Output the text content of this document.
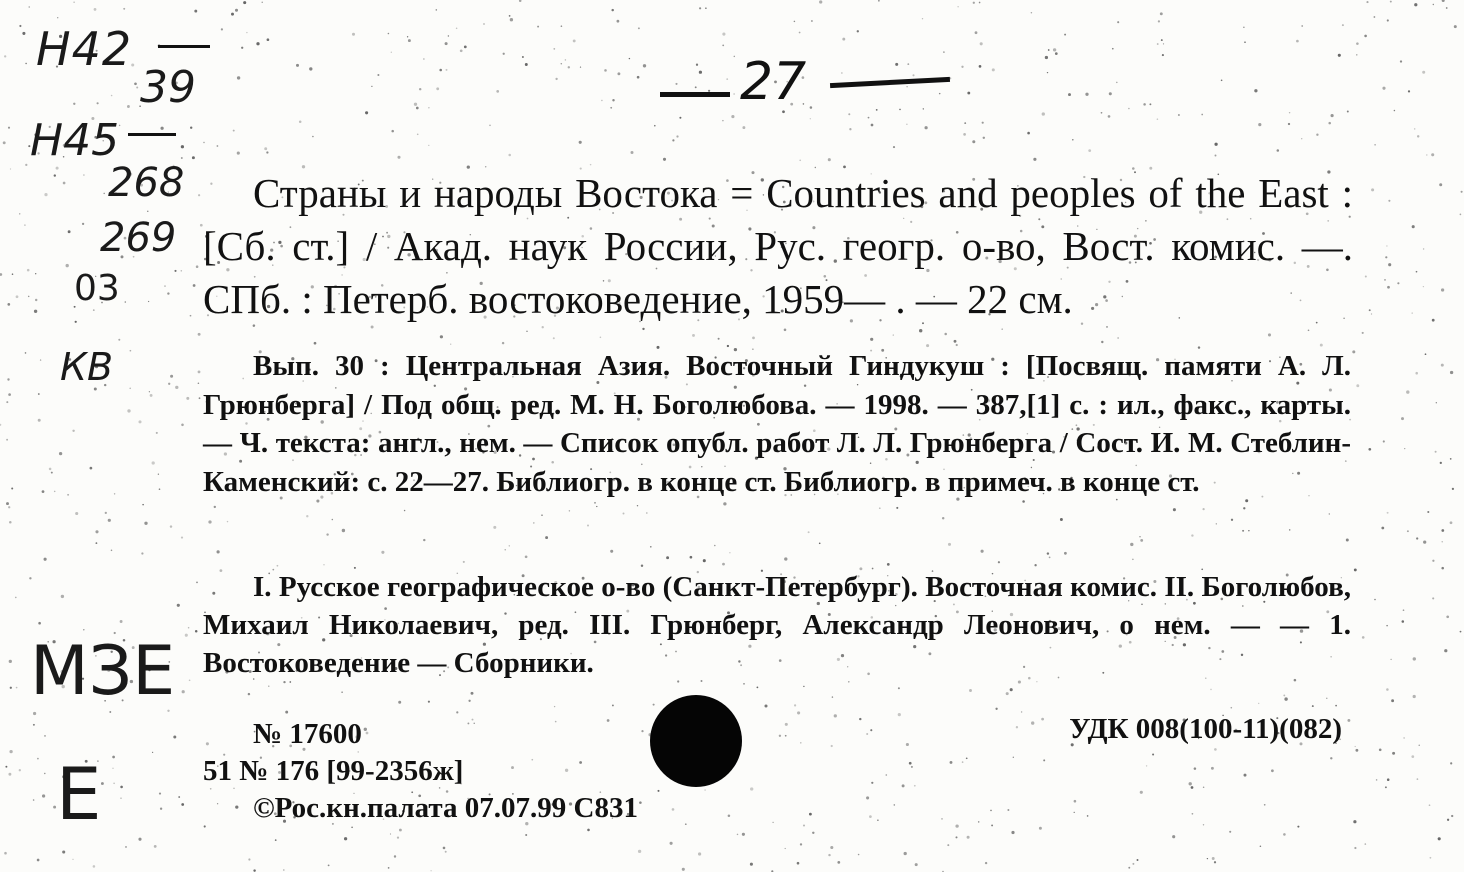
Н42
39
Н45
268
269
03
КВ
МЗЕ
Е
27
Страны и народы Востока = Countries and peoples of the East : [Сб. ст.] / Акад. наук России, Рус. геогр. о-во, Вост. комис. —. СПб. : Петерб. востоковедение, 1959— . — 22 см.
Вып. 30 : Центральная Азия. Восточный Гиндукуш : [Посвящ. памяти А. Л. Грюнберга] / Под общ. ред. М. Н. Боголюбова. — 1998. — 387,[1] с. : ил., факс., карты. — Ч. текста: англ., нем. — Список опубл. работ Л. Л. Грюнберга / Сост. И. М. Стеблин-Каменский: с. 22—27. Библиогр. в конце ст. Библиогр. в примеч. в конце ст.
I. Русское географическое о-во (Санкт-Петербург). Восточная комис. II. Боголюбов, Михаил Николаевич, ред. III. Грюнберг, Александр Леонович, о нем. — — 1. Востоковедение — Сборники.
№ 17600
51 № 176 [99-2356ж]
©Рос.кн.палата 07.07.99 С831
УДК 008(100-11)(082)
